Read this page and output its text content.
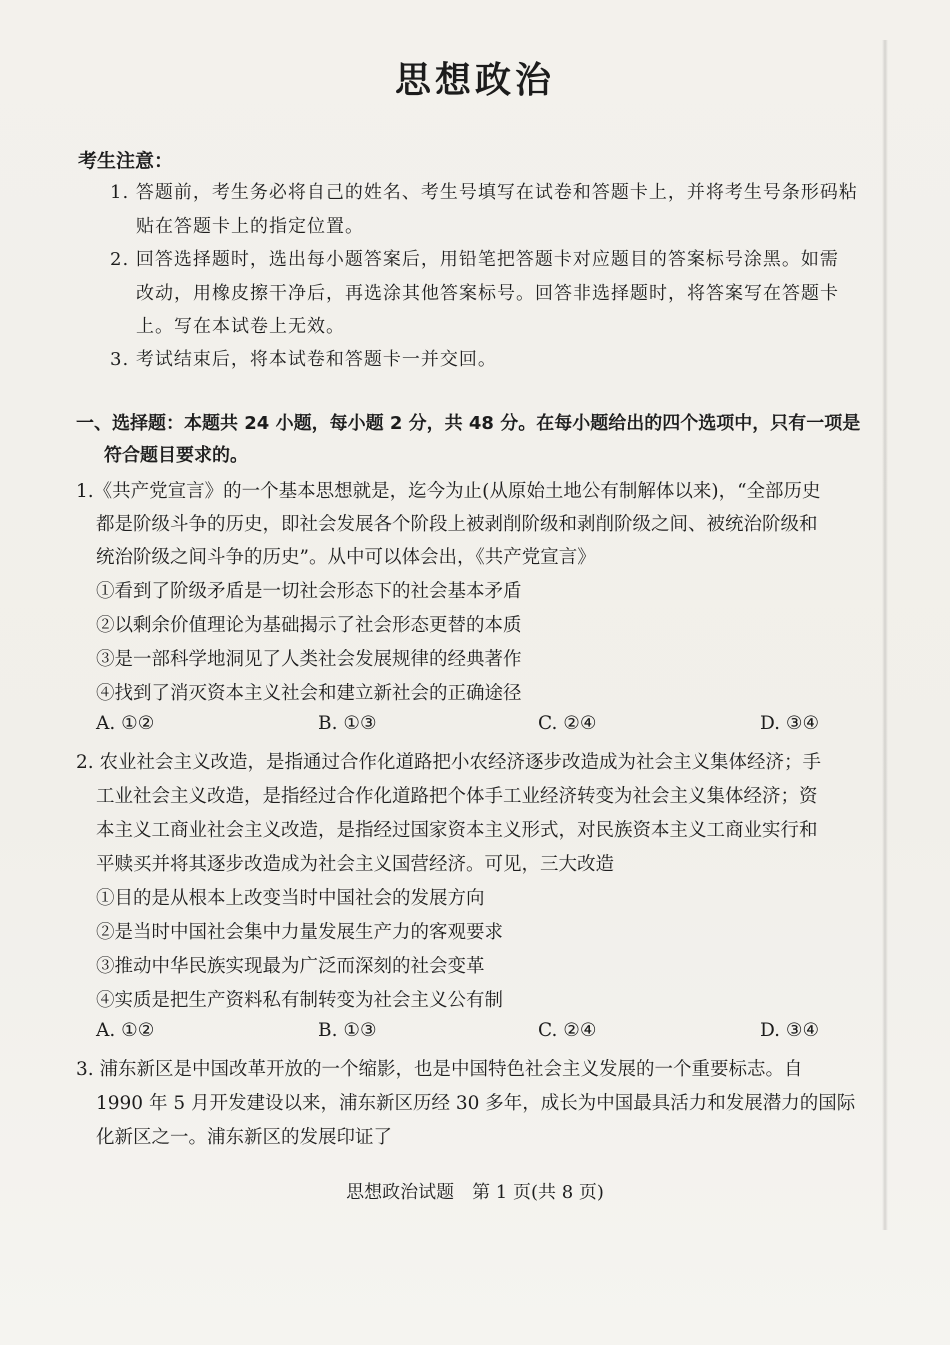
思想政治
考生注意：
1. 答题前，考生务必将自己的姓名、考生号填写在试卷和答题卡上，并将考生号条形码粘
贴在答题卡上的指定位置。
2. 回答选择题时，选出每小题答案后，用铅笔把答题卡对应题目的答案标号涂黑。如需
改动，用橡皮擦干净后，再选涂其他答案标号。回答非选择题时，将答案写在答题卡
上。写在本试卷上无效。
3. 考试结束后，将本试卷和答题卡一并交回。
一、选择题：本题共 24 小题，每小题 2 分，共 48 分。在每小题给出的四个选项中，只有一项是
符合题目要求的。
1.《共产党宣言》的一个基本思想就是，迄今为止(从原始土地公有制解体以来)，“全部历史
都是阶级斗争的历史，即社会发展各个阶段上被剥削阶级和剥削阶级之间、被统治阶级和
统治阶级之间斗争的历史”。从中可以体会出，《共产党宣言》
①看到了阶级矛盾是一切社会形态下的社会基本矛盾
②以剩余价值理论为基础揭示了社会形态更替的本质
③是一部科学地洞见了人类社会发展规律的经典著作
④找到了消灭资本主义社会和建立新社会的正确途径
A. ①②	B. ①③	C. ②④	D. ③④
2. 农业社会主义改造，是指通过合作化道路把小农经济逐步改造成为社会主义集体经济；手
工业社会主义改造，是指经过合作化道路把个体手工业经济转变为社会主义集体经济；资
本主义工商业社会主义改造，是指经过国家资本主义形式，对民族资本主义工商业实行和
平赎买并将其逐步改造成为社会主义国营经济。可见，三大改造
①目的是从根本上改变当时中国社会的发展方向
②是当时中国社会集中力量发展生产力的客观要求
③推动中华民族实现最为广泛而深刻的社会变革
④实质是把生产资料私有制转变为社会主义公有制
A. ①②	B. ①③	C. ②④	D. ③④
3. 浦东新区是中国改革开放的一个缩影，也是中国特色社会主义发展的一个重要标志。自
1990 年 5 月开发建设以来，浦东新区历经 30 多年，成长为中国最具活力和发展潜力的国际
化新区之一。浦东新区的发展印证了
思想政治试题　第 1 页(共 8 页)
